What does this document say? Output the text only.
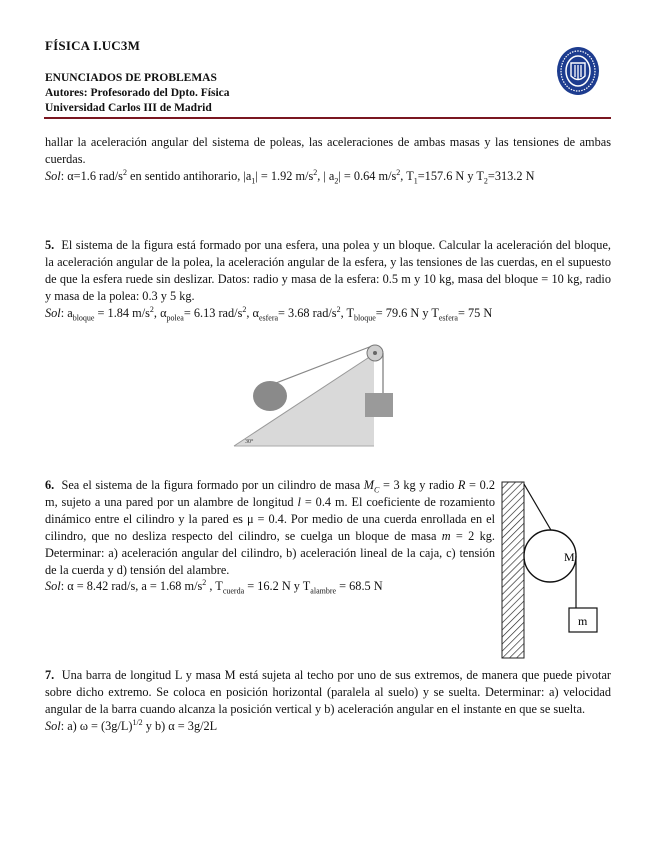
FÍSICA I.UC3M
ENUNCIADOS DE PROBLEMAS
Autores: Profesorado del Dpto. Física
Universidad Carlos III de Madrid
hallar la aceleración angular del sistema de poleas, las aceleraciones de ambas masas y las tensiones de ambas cuerdas.
Sol: α=1.6 rad/$s^2$ en sentido antihorario, $|a_1| = 1.92$ $m/s^2$, | $a_2| = 0.64$ $m/s^2$, $T_1=157.6$ N y $T_2=313.2$ N
5. El sistema de la figura está formado por una esfera, una polea y un bloque. Calcular la aceleración del bloque, la aceleración angular de la polea, la aceleración angular de la esfera, y las tensiones de las cuerdas, en el supuesto de que la esfera ruede sin deslizar. Datos: radio y masa de la esfera: 0.5 m y 10 kg, masa del bloque = 10 kg, radio y masa de la polea: 0.3 y 5 kg.
Sol: $a_{bloque} = 1.84$ $m/s^2$, $\alpha_{polea}= 6.13$ rad/$s^2$, $\alpha_{esfera}= 3.68$ rad/$s^2$, $T_{bloque}= 79.6$ N y $T_{esfera}= 75$ N
30°
6. Sea el sistema de la figura formado por un cilindro de masa $M_C = 3$ kg y radio R = 0.2 m, sujeto a una pared por un alambre de longitud l = 0.4 m. El coeficiente de rozamiento dinámico entre el cilindro y la pared es μ = 0.4. Por medio de una cuerda enrollada en el cilindro, que no desliza respecto del cilindro, se cuelga un bloque de masa m = 2 kg. Determinar: a) aceleración angular del cilindro, b) aceleración lineal de la caja, c) tensión de la cuerda y d) tensión del alambre.
Sol: α = 8.42 rad/s, a = 1.68 $m/s^2$ , $T_{cuerda} = 16.2$ N y $T_{alambre} = 68.5$ N
M
m
7. Una barra de longitud L y masa M está sujeta al techo por uno de sus extremos, de manera que puede pivotar sobre dicho extremo. Se coloca en posición horizontal (paralela al suelo) y se suelta. Determinar: a) velocidad angular de la barra cuando alcanza la posición vertical y b) aceleración angular en el instante en que se suelta.
Sol: a) $\omega = (3g/L)^{1/2}$ y b) α = 3g/2L
